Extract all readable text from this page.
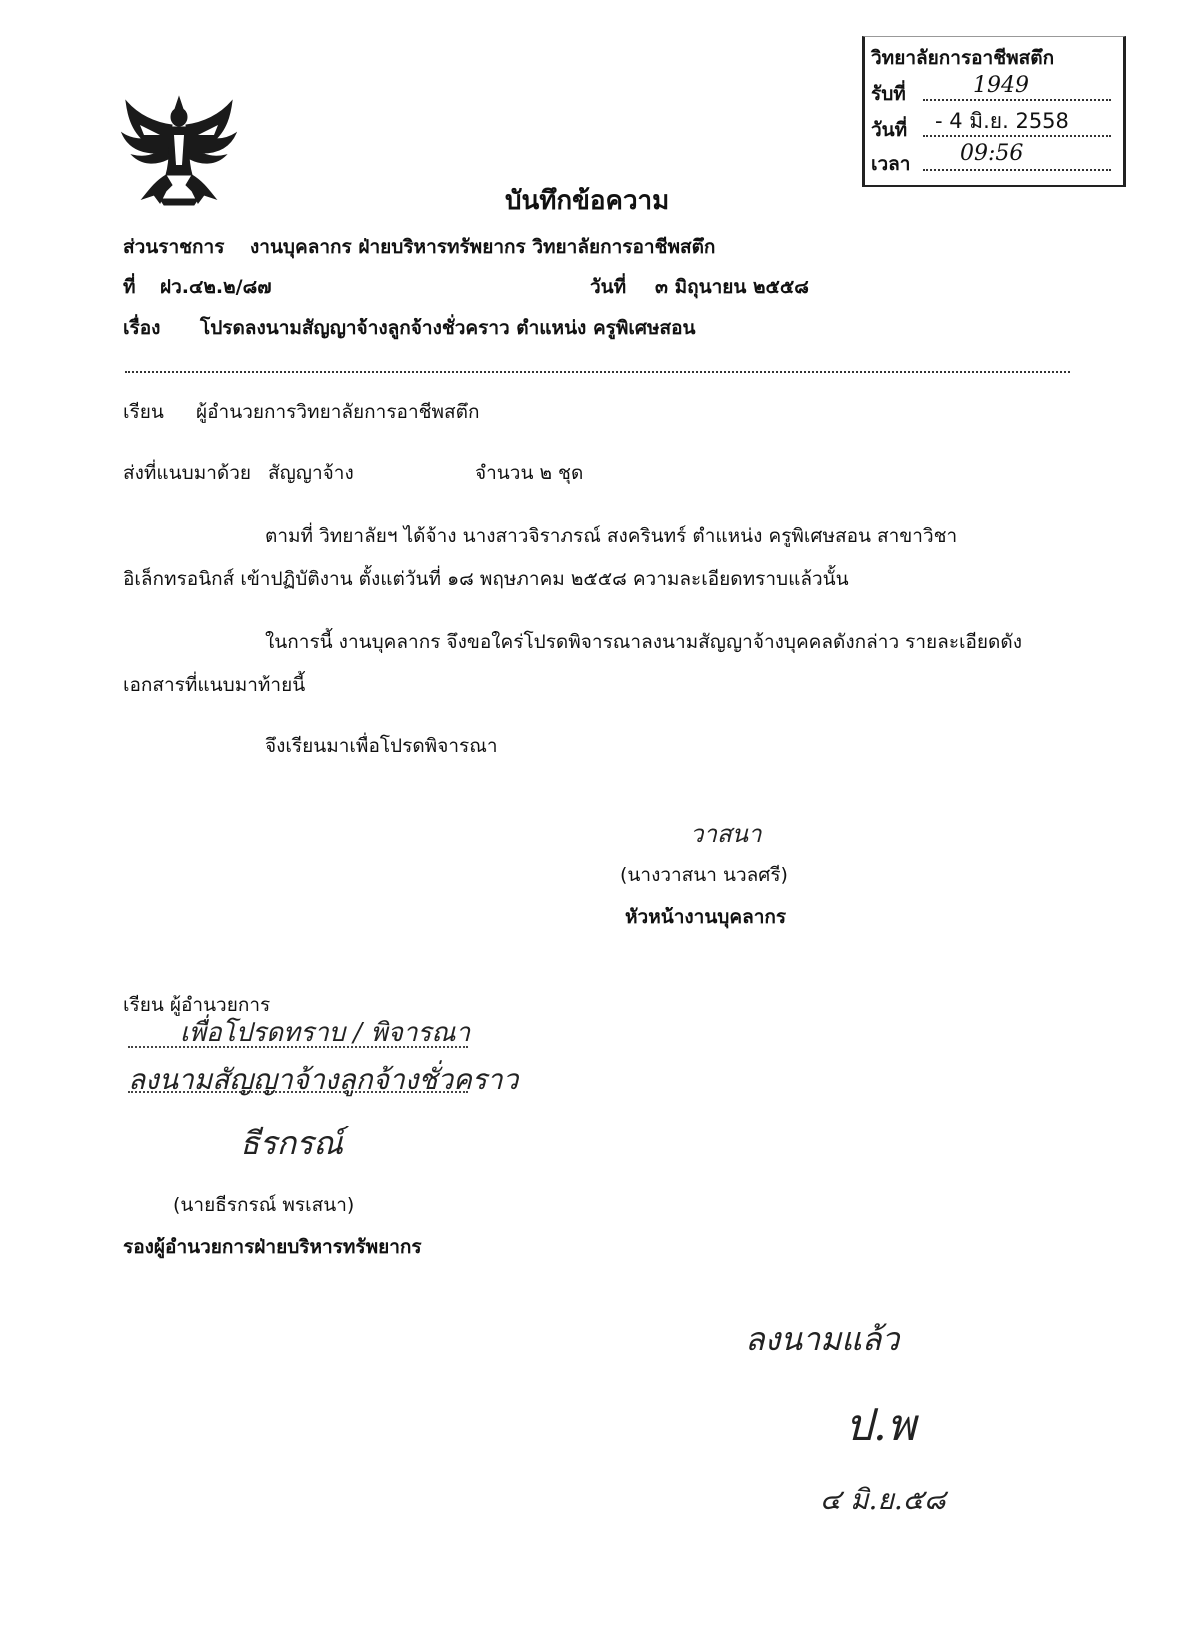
วิทยาลัยการอาชีพสตึก
รับที่	1949
วันที่ - 4 มิ.ย. 2558
เวลา 09:56
บันทึกข้อความ
ส่วนราชการ งานบุคลากร ฝ่ายบริหารทรัพยากร วิทยาลัยการอาชีพสตึก
ที่ ฝว.๔๒.๒/๘๗	วันที่ ๓ มิถุนายน ๒๕๕๘
เรื่อง โปรดลงนามสัญญาจ้างลูกจ้างชั่วคราว ตำแหน่ง ครูพิเศษสอน
เรียน ผู้อำนวยการวิทยาลัยการอาชีพสตึก
ส่งที่แนบมาด้วย สัญญาจ้าง	จำนวน ๒ ชุด
ตามที่ วิทยาลัยฯ ได้จ้าง นางสาวจิราภรณ์ สงครินทร์ ตำแหน่ง ครูพิเศษสอน สาขาวิชา
อิเล็กทรอนิกส์ เข้าปฏิบัติงาน ตั้งแต่วันที่ ๑๘ พฤษภาคม ๒๕๕๘ ความละเอียดทราบแล้วนั้น
ในการนี้ งานบุคลากร จึงขอใคร่โปรดพิจารณาลงนามสัญญาจ้างบุคคลดังกล่าว รายละเอียดดัง
เอกสารที่แนบมาท้ายนี้
จึงเรียนมาเพื่อโปรดพิจารณา
วาสนา
(นางวาสนา นวลศรี)
หัวหน้างานบุคลากร
เรียน ผู้อำนวยการ
เพื่อโปรดทราบ / พิจารณา
ลงนามสัญญาจ้างลูกจ้างชั่วคราว
ธีรกรณ์
(นายธีรกรณ์ พรเสนา)
รองผู้อำนวยการฝ่ายบริหารทรัพยากร
ลงนามแล้ว
ป.พ
๔ มิ.ย.๕๘
